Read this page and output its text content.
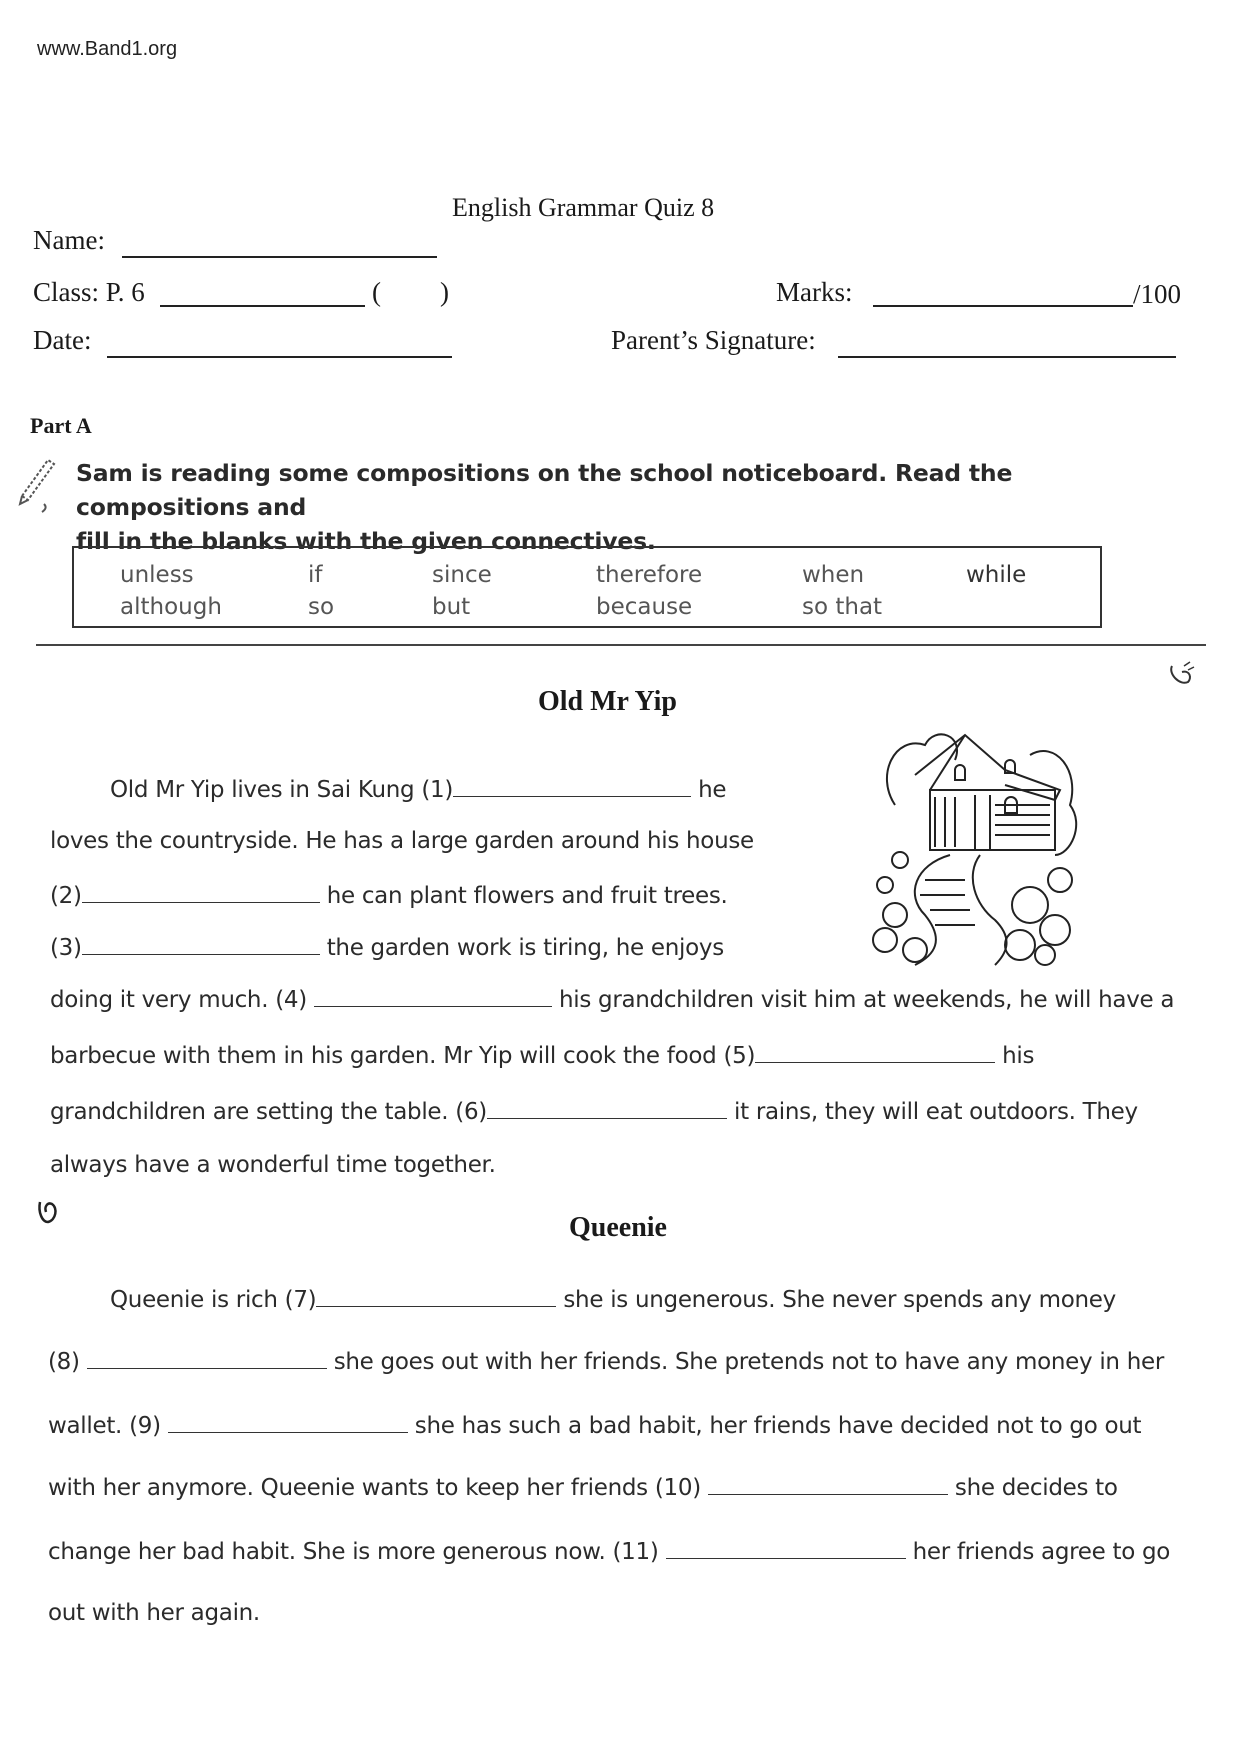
www.Band1.org
English Grammar Quiz 8
Name:
Class: P. 6	( )
Date:
Marks:	/100
Parent’s Signature:
Part A
Sam is reading some compositions on the school noticeboard. Read the compositions and
fill in the blanks with the given connectives.
unless	if	since	therefore	when	while
although	so	but	because	so that
Old Mr Yip
Old Mr Yip lives in Sai Kung (1)	he
loves the countryside. He has a large garden around his house
(2)	he can plant flowers and fruit trees.
(3)	the garden work is tiring, he enjoys
doing it very much. (4)	his grandchildren visit him at weekends, he will have a
barbecue with them in his garden. Mr Yip will cook the food (5)	his
grandchildren are setting the table. (6)	it rains, they will eat outdoors. They
always have a wonderful time together.
Queenie
Queenie is rich (7)	she is ungenerous. She never spends any money
(8)	she goes out with her friends. She pretends not to have any money in her
wallet. (9)	she has such a bad habit, her friends have decided not to go out
with her anymore. Queenie wants to keep her friends (10)	she decides to
change her bad habit. She is more generous now. (11)	her friends agree to go
out with her again.
